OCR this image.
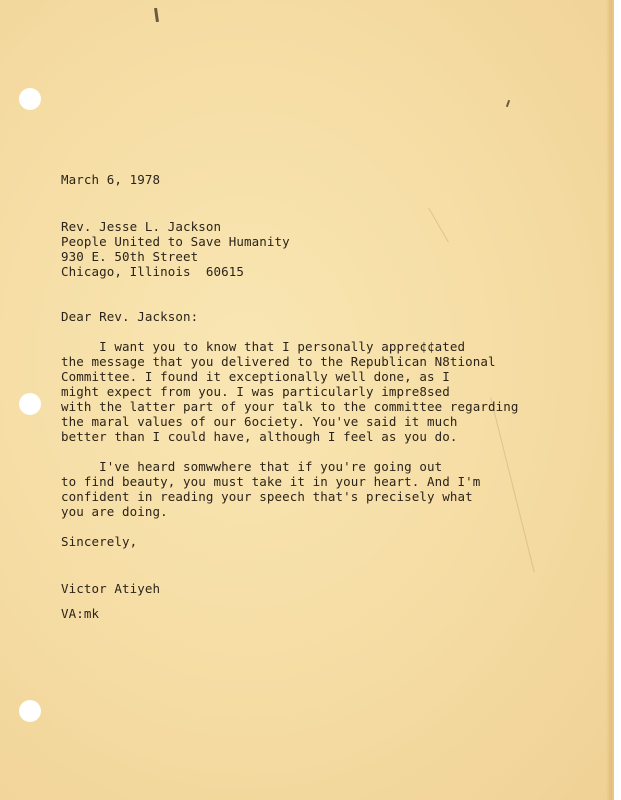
March 6, 1978
Rev. Jesse L. Jackson
People United to Save Humanity
930 E. 50th Street
Chicago, Illinois  60615
Dear Rev. Jackson:
I want you to know that I personally appre¢¢ated
the message that you delivered to the Republican N8tional
Committee. I found it exceptionally well done, as I
might expect from you. I was particularly impre8sed
with the latter part of your talk to the committee regarding
the maral values of our 6ociety. You've said it much
better than I could have, although I feel as you do.
I've heard somwwhere that if you're going out
to find beauty, you must take it in your heart. And I'm
confident in reading your speech that's precisely what
you are doing.
Sincerely,
Victor Atiyeh
VA:mk
